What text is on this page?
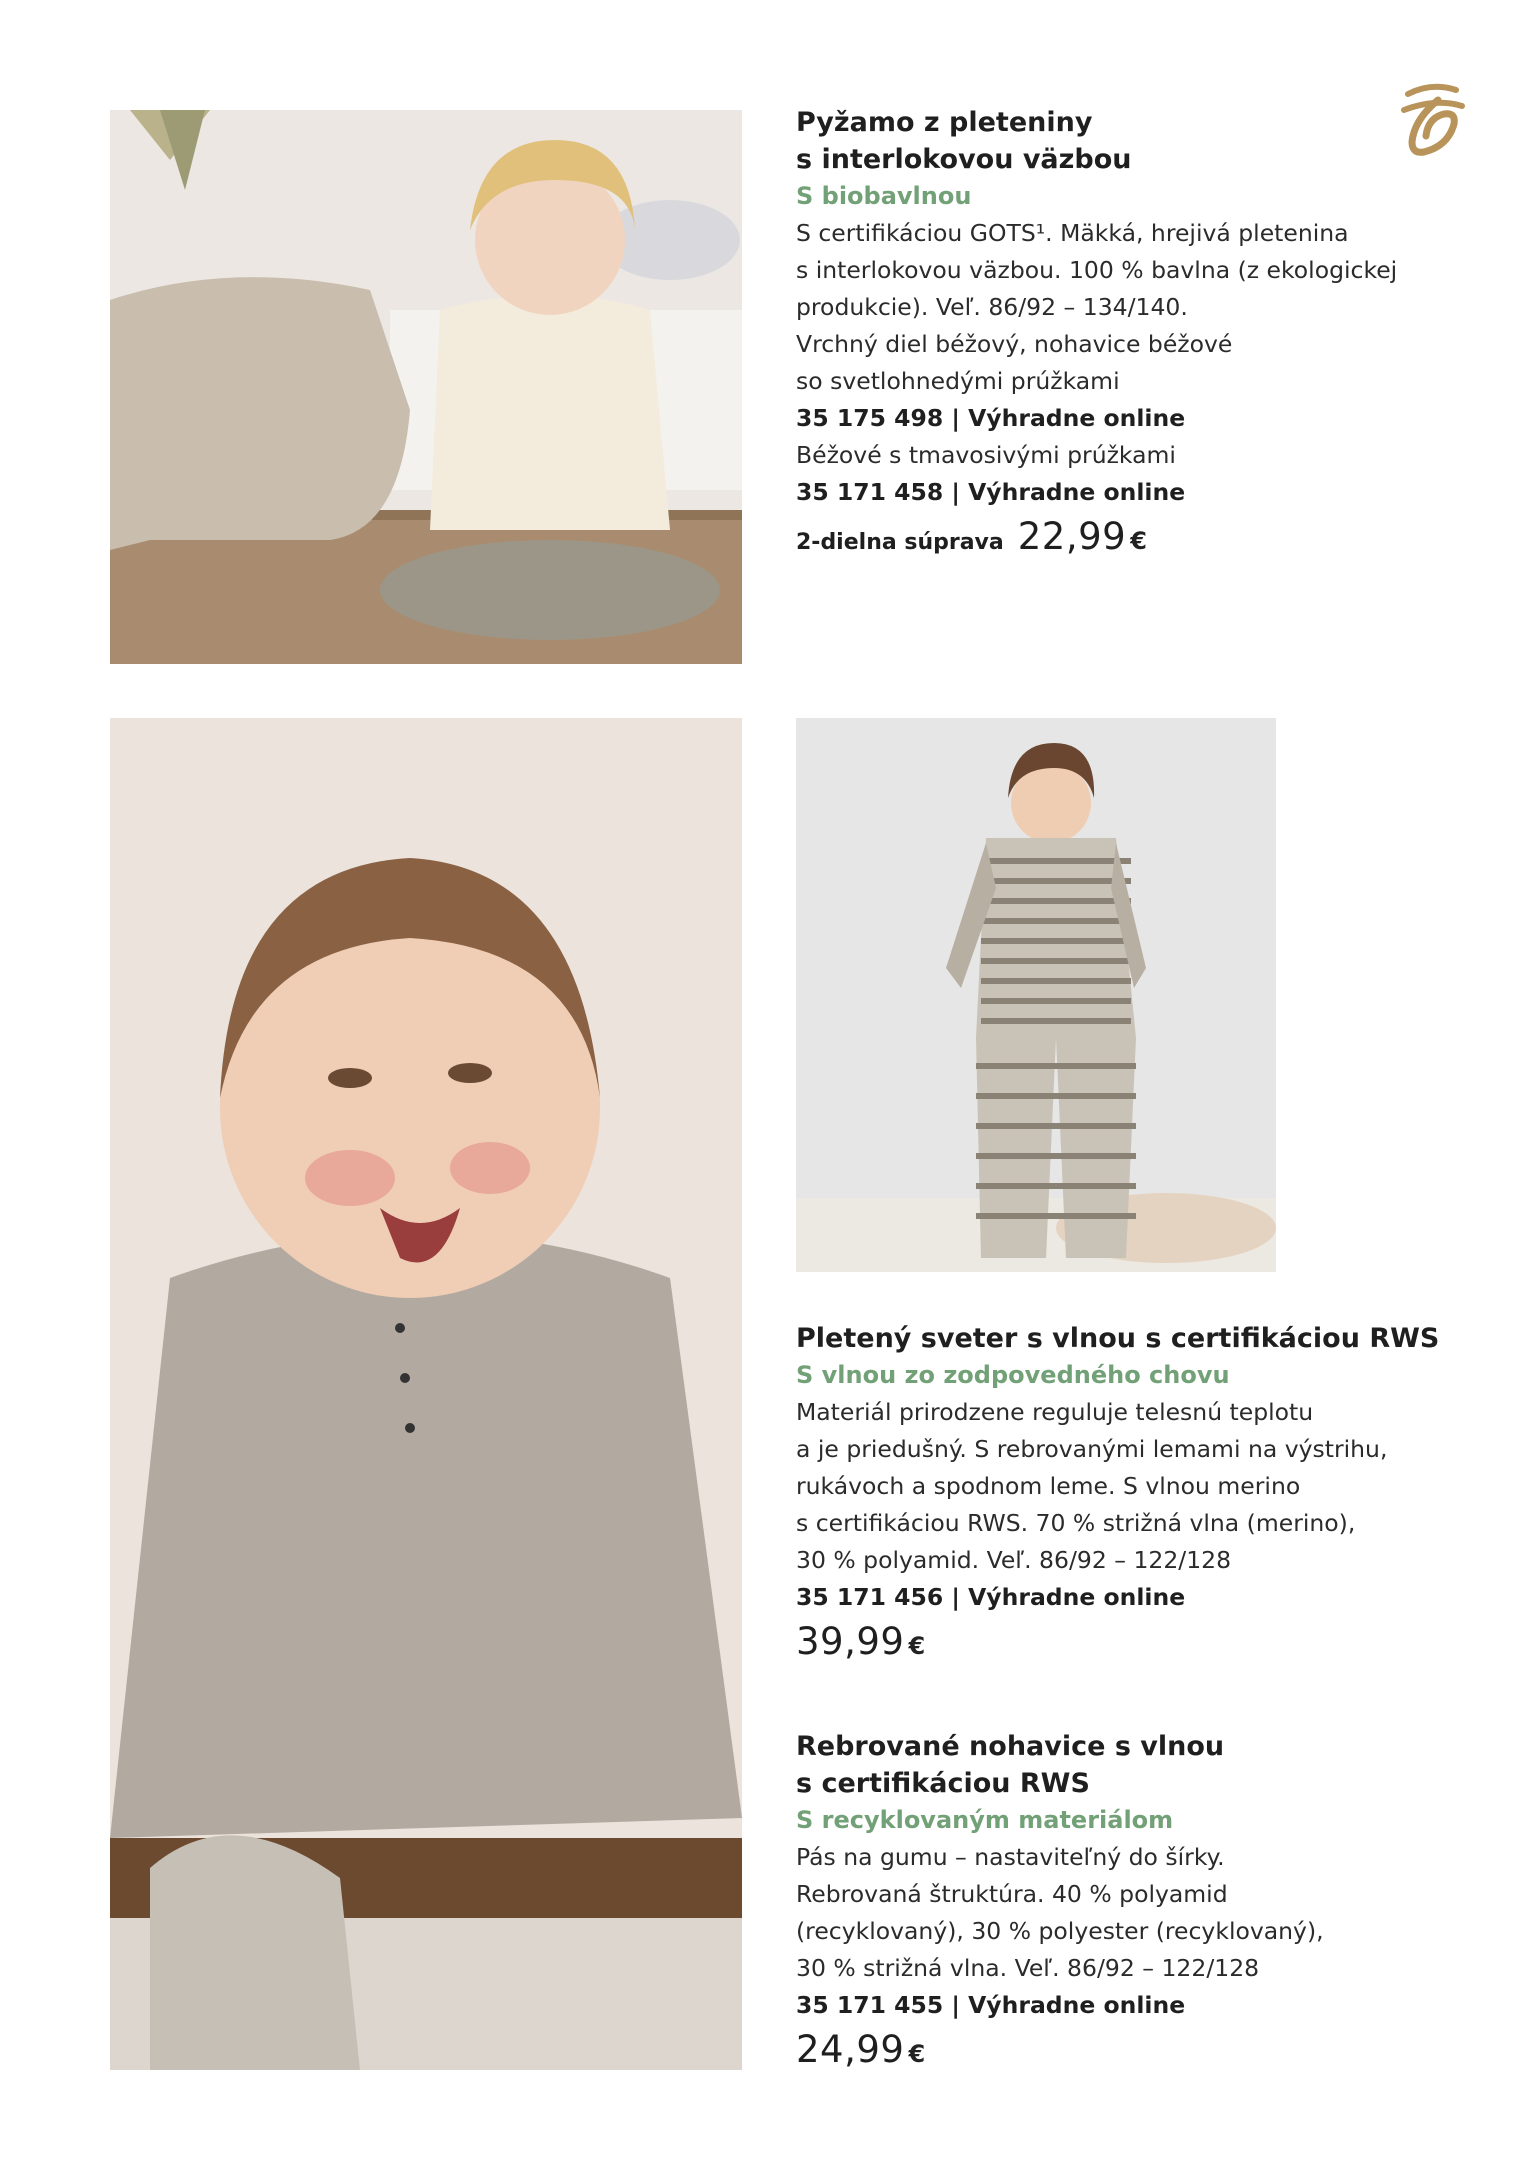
Pyžamo z pleteniny
s interlokovou väzbou
S biobavlnou

S certifikáciou GOTS¹. Mäkká, hrejivá pletenina

s interlokovou väzbou. 100 % bavlna (z ekologickej

produkcie). Veľ. 86/92 – 134/140.

Vrchný diel béžový, nohavice béžové

so svetlohnedými prúžkami

35 175 498 | Výhradne online
Béžové s tmavosivými prúžkami
35 171 458 | Výhradne online
2-dielna súprava 22,99 €
Pletený sveter s vlnou s certifikáciou RWS
S vlnou zo zodpovedného chovu

Materiál prirodzene reguluje telesnú teplotu

a je priedušný. S rebrovanými lemami na výstrihu,

rukávoch a spodnom leme. S vlnou merino

s certifikáciou RWS. 70 % strižná vlna (merino),

30 % polyamid. Veľ. 86/92 – 122/128

35 171 456 | Výhradne online
39,99 €
Rebrované nohavice s vlnou
s certifikáciou RWS
S recyklovaným materiálom

Pás na gumu – nastaviteľný do šírky.

Rebrovaná štruktúra. 40 % polyamid

(recyklovaný), 30 % polyester (recyklovaný),

30 % strižná vlna. Veľ. 86/92 – 122/128

35 171 455 | Výhradne online
24,99 €
